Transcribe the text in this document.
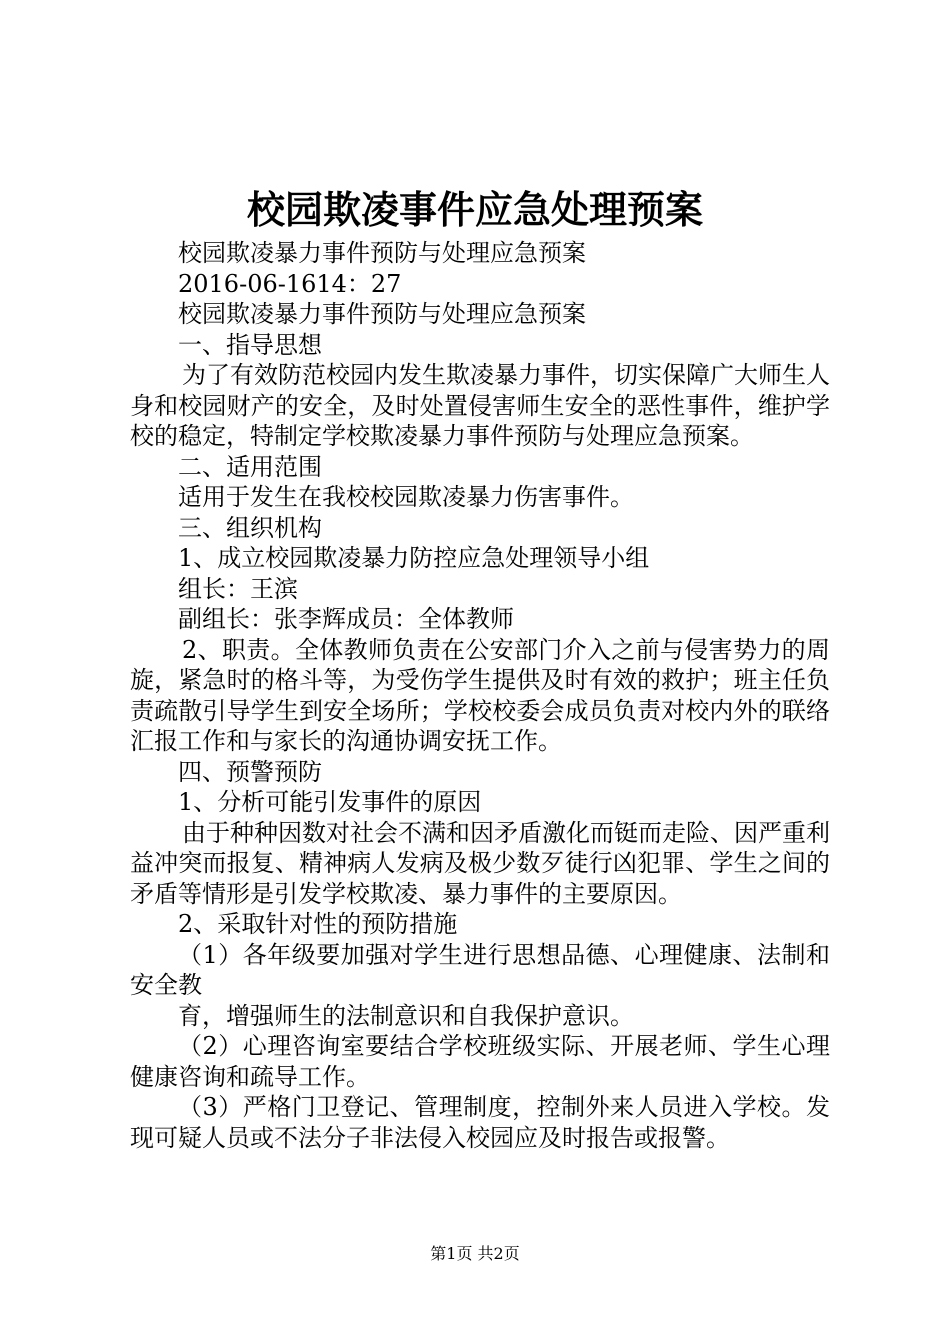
校园欺凌事件应急处理预案

校园欺凌暴力事件预防与处理应急预案

2016-06-1614：27

校园欺凌暴力事件预防与处理应急预案

一、指导思想

为了有效防范校园内发生欺凌暴力事件，切实保障广大师生人身和校园财产的安全，及时处置侵害师生安全的恶性事件，维护学校的稳定，特制定学校欺凌暴力事件预防与处理应急预案。

二、适用范围

适用于发生在我校校园欺凌暴力伤害事件。

三、组织机构

1、成立校园欺凌暴力防控应急处理领导小组

组长：王滨

副组长：张李辉成员：全体教师

2、职责。全体教师负责在公安部门介入之前与侵害势力的周旋，紧急时的格斗等，为受伤学生提供及时有效的救护；班主任负责疏散引导学生到安全场所；学校校委会成员负责对校内外的联络汇报工作和与家长的沟通协调安抚工作。

四、预警预防

1、分析可能引发事件的原因

由于种种因数对社会不满和因矛盾激化而铤而走险、因严重利益冲突而报复、精神病人发病及极少数歹徒行凶犯罪、学生之间的矛盾等情形是引发学校欺凌、暴力事件的主要原因。

2、采取针对性的预防措施

（1）各年级要加强对学生进行思想品德、心理健康、法制和安全教

育，增强师生的法制意识和自我保护意识。

（2）心理咨询室要结合学校班级实际、开展老师、学生心理健康咨询和疏导工作。

（3）严格门卫登记、管理制度，控制外来人员进入学校。发现可疑人员或不法分子非法侵入校园应及时报告或报警。

第1页 共2页
